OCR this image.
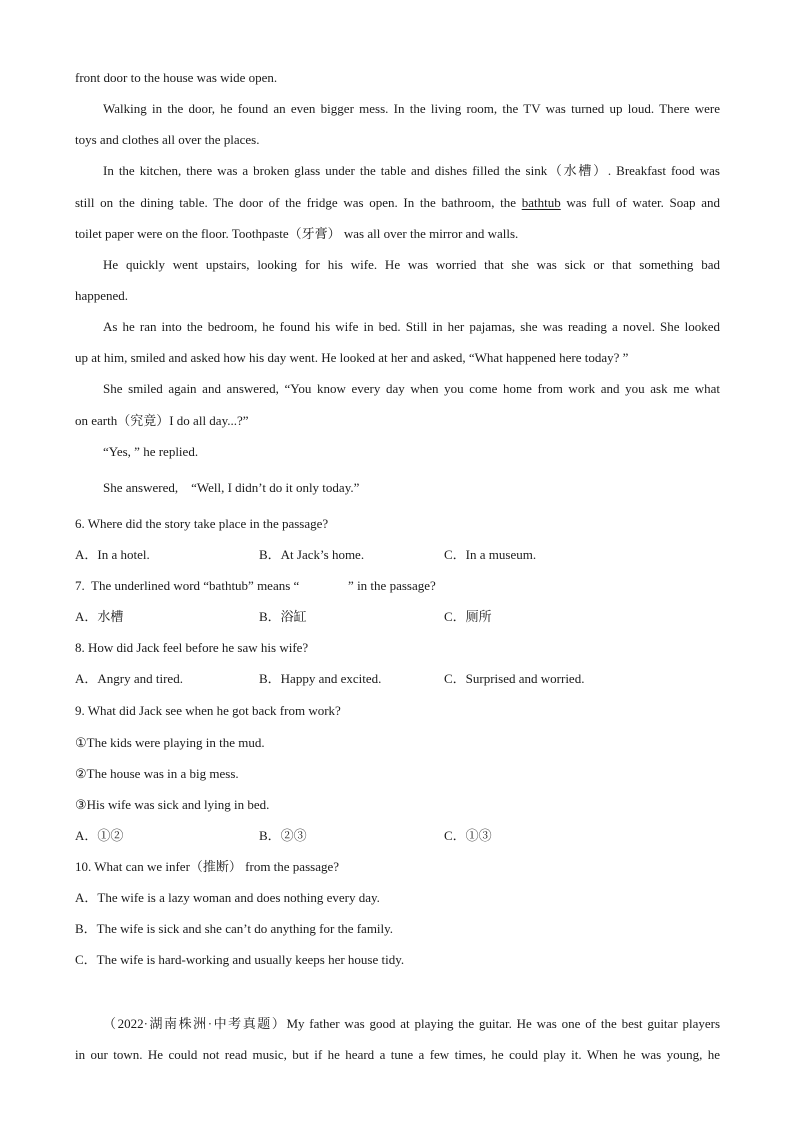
front door to the house was wide open.
Walking in the door, he found an even bigger mess. In the living room, the TV was turned up loud. There were
toys and clothes all over the places.
In the kitchen, there was a broken glass under the table and dishes filled the sink（水槽）. Breakfast food was
still on the dining table. The door of the fridge was open. In the bathroom, the bathtub was full of water. Soap and
toilet paper were on the floor. Toothpaste（牙膏） was all over the mirror and walls.
He quickly went upstairs, looking for his wife. He was worried that she was sick or that something bad
happened.
As he ran into the bedroom, he found his wife in bed. Still in her pajamas, she was reading a novel. She looked
up at him, smiled and asked how his day went. He looked at her and asked, “What happened here today? ”
She smiled again and answered, “You know every day when you come home from work and you ask me what
on earth（究竟）I do all day...?”
“Yes, ” he replied.
She answered,    “Well, I didn’t do it only today.”
6. Where did the story take place in the passage?
A．In a hotel.	B．At Jack’s home.	C．In a museum.
7.  The underlined word “bathtub” means “               ” in the passage?
A．水槽	B．浴缸	C．厕所
8. How did Jack feel before he saw his wife?
A．Angry and tired.	B．Happy and excited.	C．Surprised and worried.
9. What did Jack see when he got back from work?
①The kids were playing in the mud.
②The house was in a big mess.
③His wife was sick and lying in bed.
A．①②	B．②③	C．①③
10. What can we infer（推断） from the passage?
A．The wife is a lazy woman and does nothing every day.
B．The wife is sick and she can’t do anything for the family.
C．The wife is hard-working and usually keeps her house tidy.
（2022·湖南株洲·中考真题）My father was good at playing the guitar. He was one of the best guitar players
in our town. He could not read music, but if he heard a tune a few times, he could play it. When he was young, he
